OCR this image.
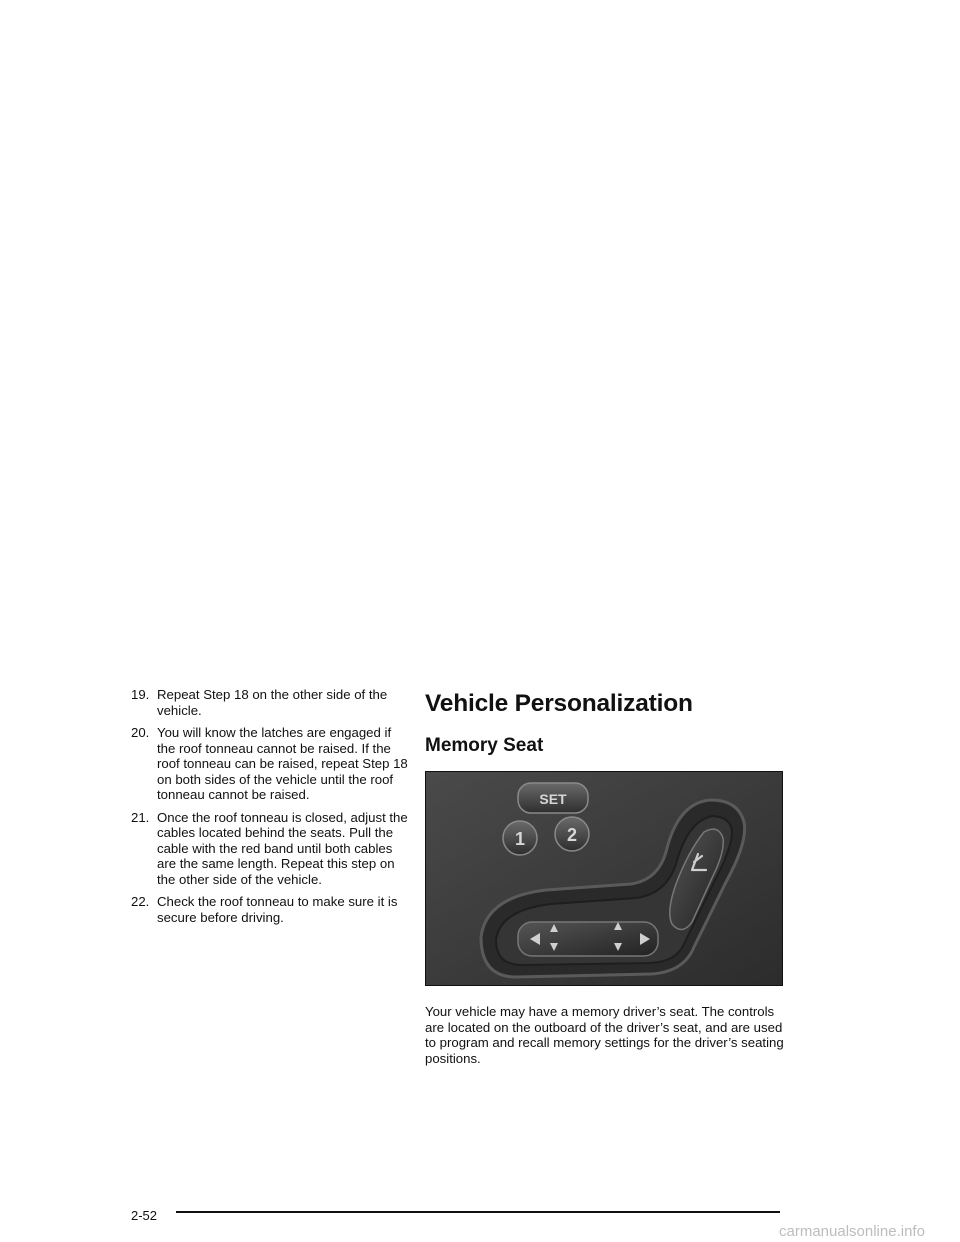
19. Repeat Step 18 on the other side of the vehicle.
20. You will know the latches are engaged if the roof tonneau cannot be raised. If the roof tonneau can be raised, repeat Step 18 on both sides of the vehicle until the roof tonneau cannot be raised.
21. Once the roof tonneau is closed, adjust the cables located behind the seats. Pull the cable with the red band until both cables are the same length. Repeat this step on the other side of the vehicle.
22. Check the roof tonneau to make sure it is secure before driving.
Vehicle Personalization
Memory Seat
SET
1 2
Your vehicle may have a memory driver’s seat. The controls are located on the outboard of the driver’s seat, and are used to program and recall memory settings for the driver’s seating positions.
2-52
carmanualsonline.info
